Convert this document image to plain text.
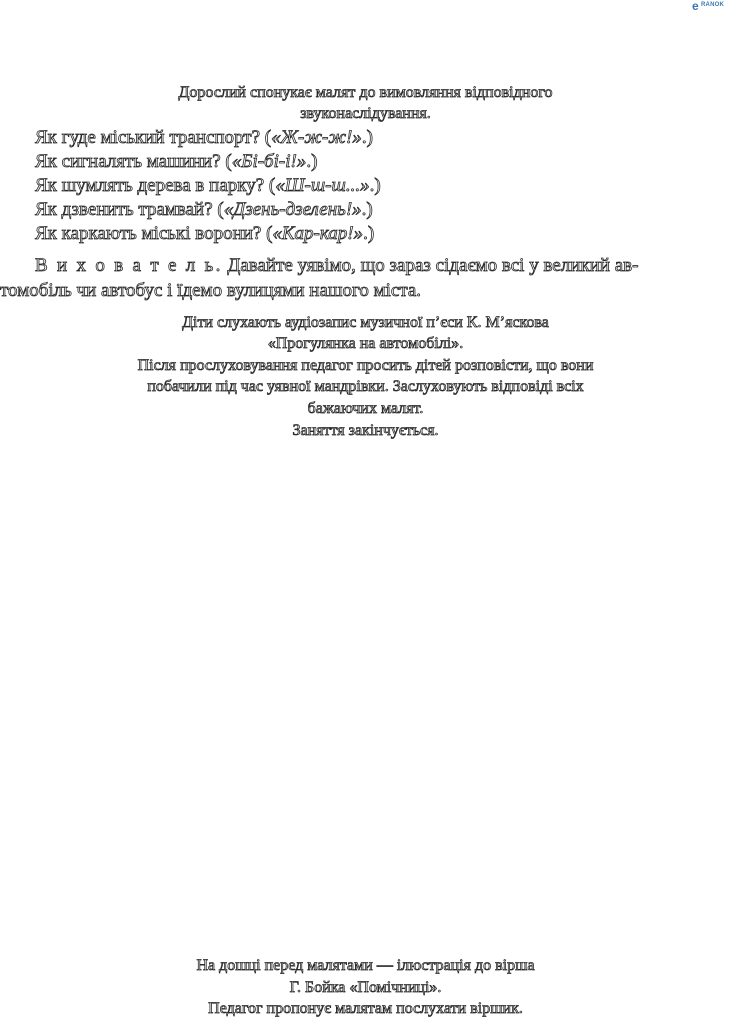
e RANOK
Дорослий спонукає малят до вимовляння відповідного
звуконаслідування.
Як гуде міський транспорт? («Ж-ж-ж!».)
Як сигналять машини? («Бі-бі-і!».)
Як шумлять дерева в парку? («Ш-ш-ш...».)
Як дзвенить трамвай? («Дзень-дзелень!».)
Як каркають міські ворони? («Кар-кар!».)
В и х о в а т е л ь. Давайте уявімо, що зараз сідаємо всі у великий ав-
томобіль чи автобус і їдемо вулицями нашого міста.
Діти слухають аудіозапис музичної п’єси К. М’яскова
«Прогулянка на автомобілі».
Після прослуховування педагог просить дітей розповісти, що вони
побачили під час уявної мандрівки. Заслуховують відповіді всіх
бажаючих малят.
Заняття закінчується.
На дошці перед малятами — ілюстрація до вірша
Г. Бойка «Помічниці».
Педагог пропонує малятам послухати віршик.
